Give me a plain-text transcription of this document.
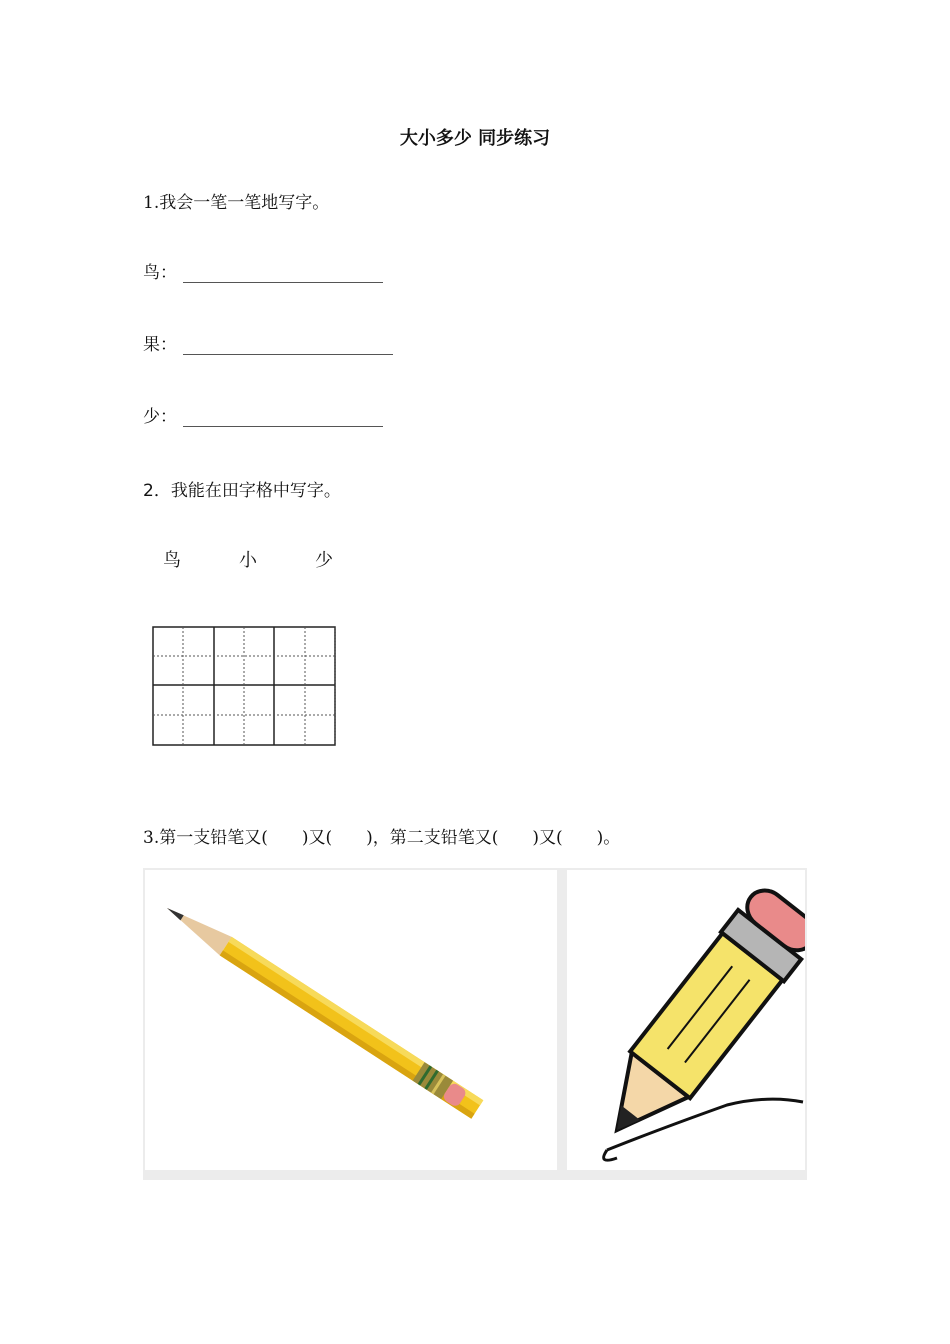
大小多少 同步练习
1.我会一笔一笔地写字。
鸟：
果：
少：
2．我能在田字格中写字。
鸟	小	少
3.第一支铅笔又(　　)又(　　)，第二支铅笔又(　　)又(　　)。
